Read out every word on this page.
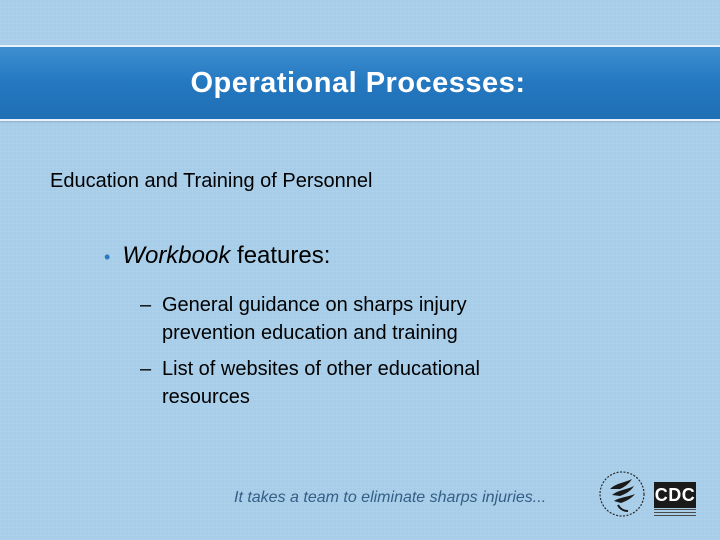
Operational Processes:
Education and Training of Personnel
• Workbook features:
– General guidance on sharps injury prevention education and training
– List of websites of other educational resources
It takes a team to eliminate sharps injuries...	CDC
